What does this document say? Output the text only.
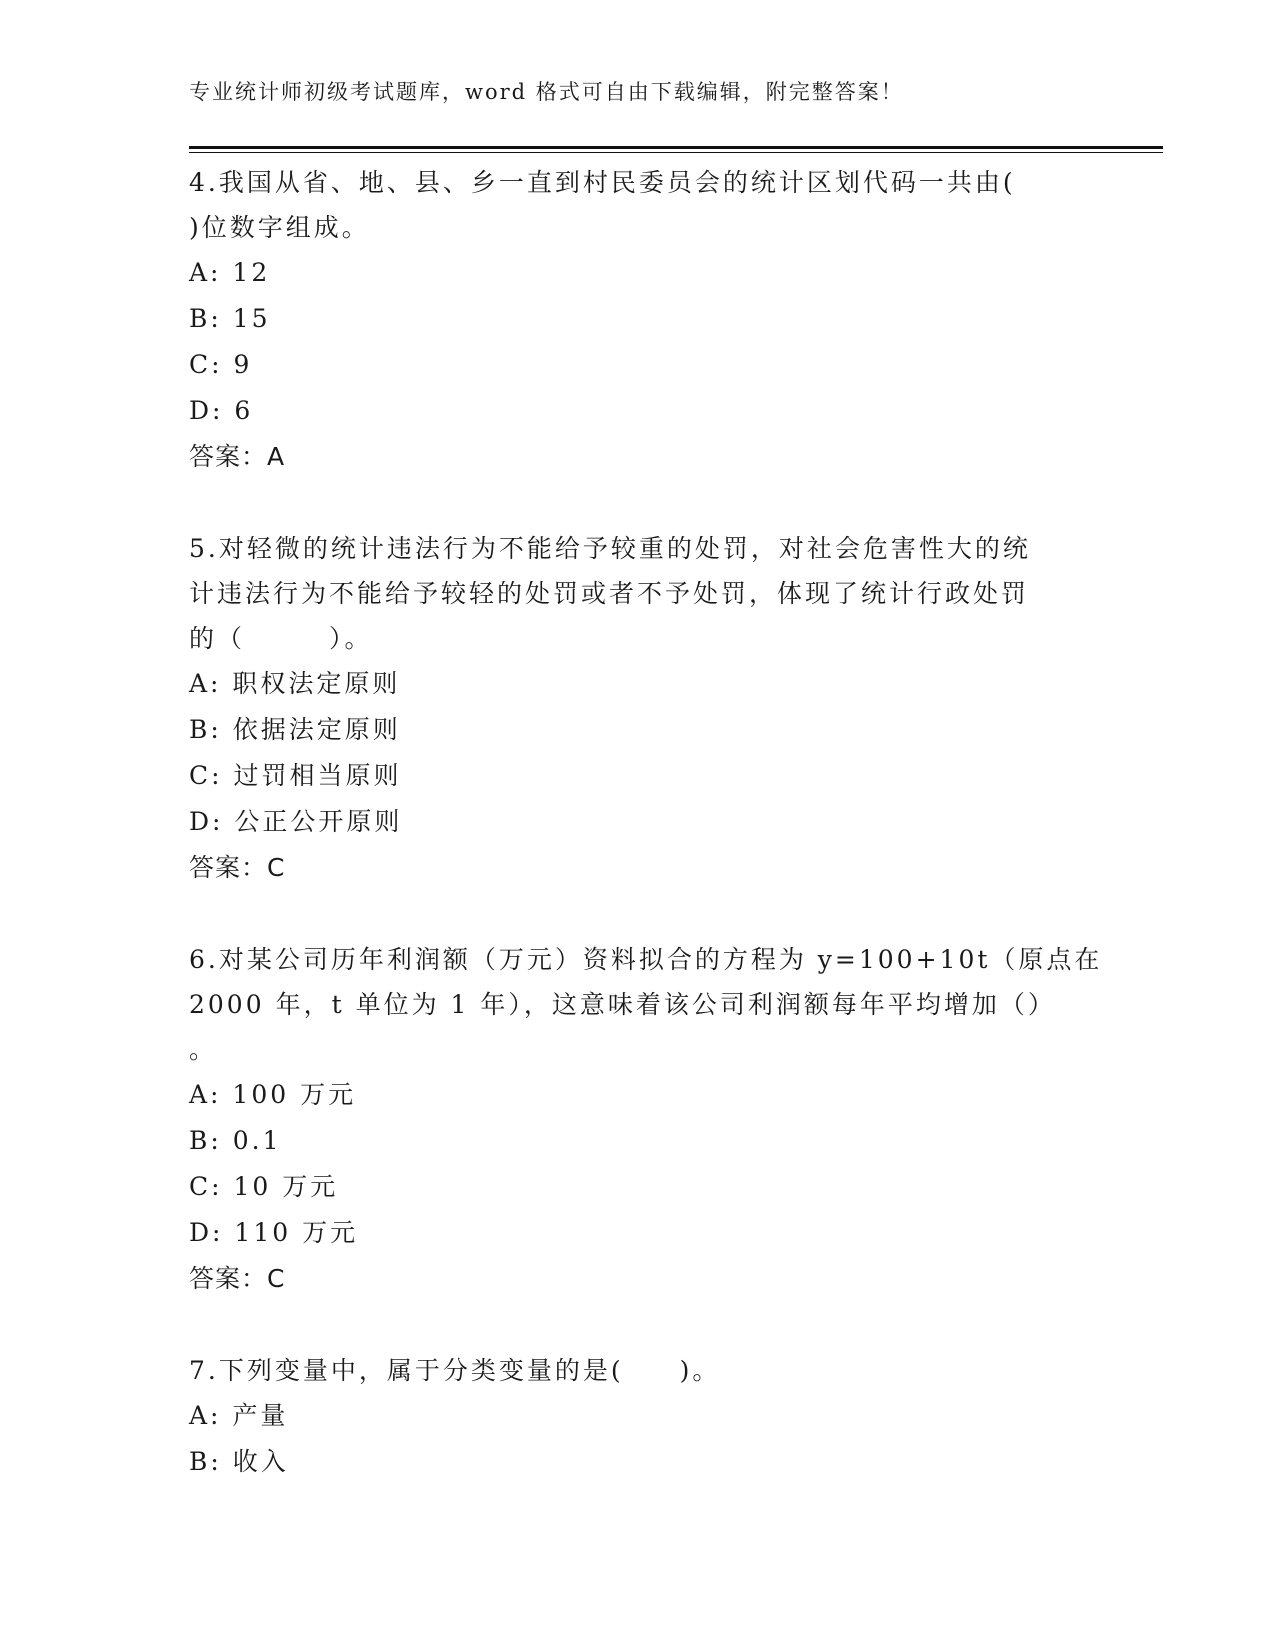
专业统计师初级考试题库，word 格式可自由下载编辑，附完整答案！
4.我国从省、地、县、乡一直到村民委员会的统计区划代码一共由(
)位数字组成。
A: 12
B: 15
C: 9
D: 6
答案：A
5.对轻微的统计违法行为不能给予较重的处罚，对社会危害性大的统
计违法行为不能给予较轻的处罚或者不予处罚，体现了统计行政处罚
的（　　　）。
A: 职权法定原则
B: 依据法定原则
C: 过罚相当原则
D: 公正公开原则
答案：C
6.对某公司历年利润额（万元）资料拟合的方程为 y=100+10t（原点在
2000 年，t 单位为 1 年），这意味着该公司利润额每年平均增加（）
。
A: 100 万元
B: 0.1
C: 10 万元
D: 110 万元
答案：C
7.下列变量中，属于分类变量的是(　　)。
A: 产量
B: 收入
